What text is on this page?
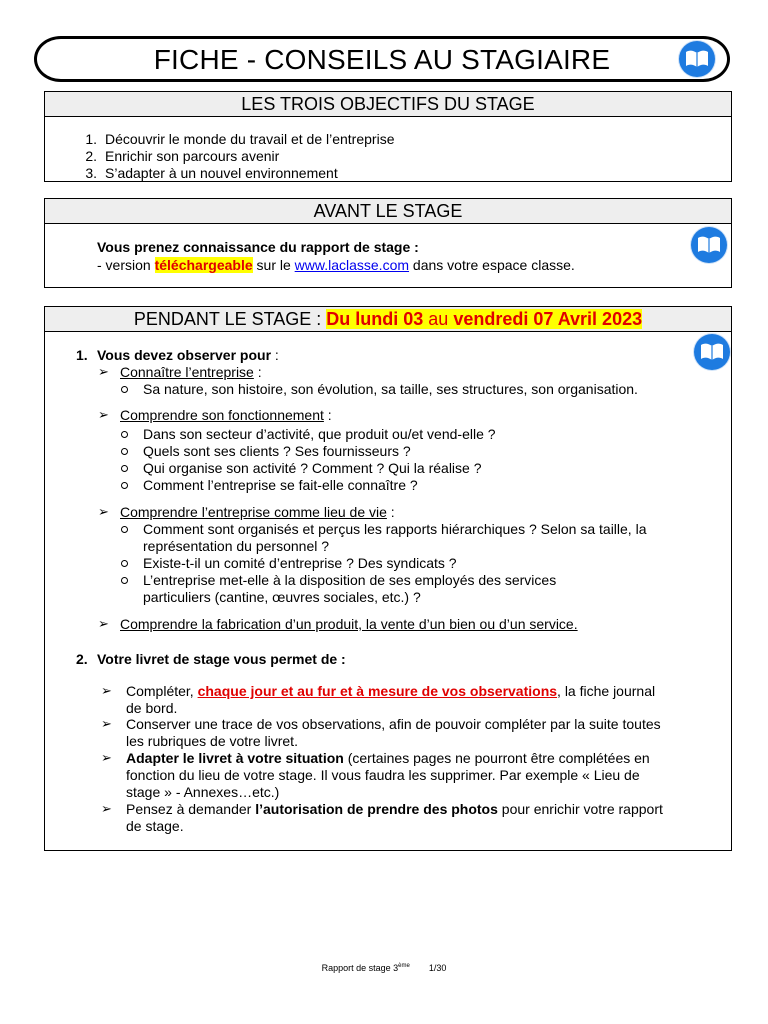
FICHE - CONSEILS AU STAGIAIRE
LES TROIS OBJECTIFS DU STAGE
1. Découvrir le monde du travail et de l’entreprise
2. Enrichir son parcours avenir
3. S’adapter à un nouvel environnement
AVANT LE STAGE
Vous prenez connaissance du rapport de stage :
- version téléchargeable sur le www.laclasse.com dans votre espace classe.
PENDANT LE STAGE : Du lundi 03 au vendredi 07 Avril 2023
1. Vous devez observer pour :
➢ Connaître l’entreprise :
Sa nature, son histoire, son évolution, sa taille, ses structures, son organisation.
➢ Comprendre son fonctionnement :
Dans son secteur d’activité, que produit ou/et vend-elle ?
Quels sont ses clients ? Ses fournisseurs ?
Qui organise son activité ? Comment ? Qui la réalise ?
Comment l’entreprise se fait-elle connaître ?
➢ Comprendre l’entreprise comme lieu de vie :
Comment sont organisés et perçus les rapports hiérarchiques ? Selon sa taille, la
représentation du personnel ?
Existe-t-il un comité d’entreprise ? Des syndicats ?
L’entreprise met-elle à la disposition de ses employés des services
particuliers (cantine, œuvres sociales, etc.) ?
➢ Comprendre la fabrication d’un produit, la vente d’un bien ou d’un service.
2. Votre livret de stage vous permet de :
➢ Compléter, chaque jour et au fur et à mesure de vos observations, la fiche journal
de bord.
➢ Conserver une trace de vos observations, afin de pouvoir compléter par la suite toutes
les rubriques de votre livret.
➢ Adapter le livret à votre situation (certaines pages ne pourront être complétées en
fonction du lieu de votre stage. Il vous faudra les supprimer. Par exemple « Lieu de
stage » - Annexes…etc.)
➢ Pensez à demander l’autorisation de prendre des photos pour enrichir votre rapport
de stage.
Rapport de stage 3ème 1/30
